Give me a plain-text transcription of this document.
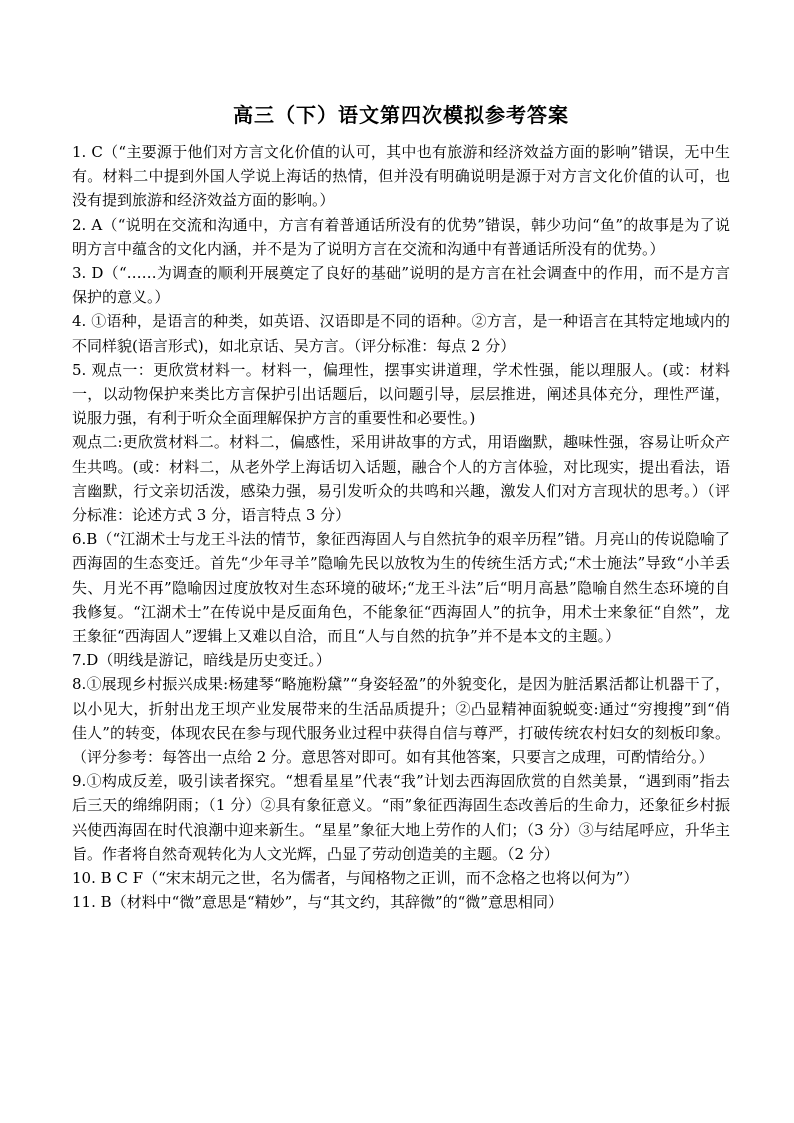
高三（下）语文第四次模拟参考答案

1. C（“主要源于他们对方言文化价值的认可，其中也有旅游和经济效益方面的影响”错误，无中生有。材料二中提到外国人学说上海话的热情，但并没有明确说明是源于对方言文化价值的认可，也没有提到旅游和经济效益方面的影响。）

2. A（“说明在交流和沟通中，方言有着普通话所没有的优势”错误，韩少功问“鱼”的故事是为了说明方言中蕴含的文化内涵，并不是为了说明方言在交流和沟通中有普通话所没有的优势。）

3. D（“……为调查的顺利开展奠定了良好的基础”说明的是方言在社会调查中的作用，而不是方言保护的意义。）

4. ①语种，是语言的种类，如英语、汉语即是不同的语种。②方言，是一种语言在其特定地域内的不同样貌(语言形式)，如北京话、吴方言。（评分标准：每点 2 分）

5. 观点一：更欣赏材料一。材料一，偏理性，摆事实讲道理，学术性强，能以理服人。(或：材料一，以动物保护来类比方言保护引出话题后，以问题引导，层层推进，阐述具体充分，理性严谨，说服力强，有利于听众全面理解保护方言的重要性和必要性。)

观点二:更欣赏材料二。材料二，偏感性，采用讲故事的方式，用语幽默，趣味性强，容易让听众产生共鸣。(或：材料二，从老外学上海话切入话题，融合个人的方言体验，对比现实，提出看法，语言幽默，行文亲切活泼，感染力强，易引发听众的共鸣和兴趣，激发人们对方言现状的思考。）（评分标准：论述方式 3 分，语言特点 3 分）

6.B（“江湖术士与龙王斗法的情节，象征西海固人与自然抗争的艰辛历程”错。月亮山的传说隐喻了西海固的生态变迁。首先“少年寻羊”隐喻先民以放牧为生的传统生活方式;“术士施法”导致“小羊丢失、月光不再”隐喻因过度放牧对生态环境的破坏;“龙王斗法”后“明月高悬”隐喻自然生态环境的自我修复。“江湖术士”在传说中是反面角色，不能象征“西海固人”的抗争，用术士来象征“自然”，龙王象征“西海固人”逻辑上又难以自洽，而且“人与自然的抗争”并不是本文的主题。）

7.D（明线是游记，暗线是历史变迁。）

8.①展现乡村振兴成果:杨建琴“略施粉黛”“身姿轻盈”的外貌变化，是因为脏活累活都让机器干了，以小见大，折射出龙王坝产业发展带来的生活品质提升；②凸显精神面貌蜕变:通过“穷搜搜”到“俏佳人”的转变，体现农民在参与现代服务业过程中获得自信与尊严，打破传统农村妇女的刻板印象。（评分参考：每答出一点给 2 分。意思答对即可。如有其他答案，只要言之成理，可酌情给分。）

9.①构成反差，吸引读者探究。“想看星星”代表“我”计划去西海固欣赏的自然美景，“遇到雨”指去后三天的绵绵阴雨；（1 分）②具有象征意义。“雨”象征西海固生态改善后的生命力，还象征乡村振兴使西海固在时代浪潮中迎来新生。“星星”象征大地上劳作的人们；（3 分）③与结尾呼应，升华主旨。作者将自然奇观转化为人文光辉，凸显了劳动创造美的主题。（2 分）

10. B C F（“宋末胡元之世，名为儒者，与闻格物之正训，而不念格之也将以何为”）

11. B（材料中“微”意思是“精妙”，与“其文约，其辞微”的“微”意思相同）
